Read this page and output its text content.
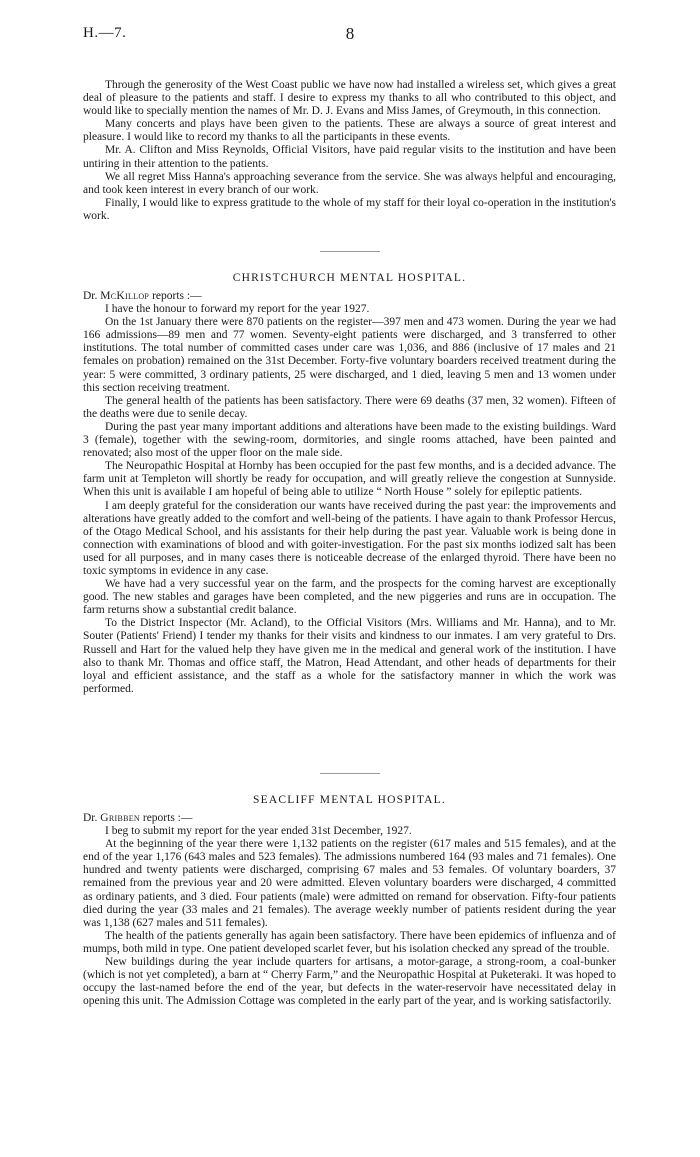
H.—7.	8

Through the generosity of the West Coast public we have now had installed a wireless set, which gives a great deal of pleasure to the patients and staff. I desire to express my thanks to all who contributed to this object, and would like to specially mention the names of Mr. D. J. Evans and Miss James, of Greymouth, in this connection.

Many concerts and plays have been given to the patients. These are always a source of great interest and pleasure. I would like to record my thanks to all the participants in these events.

Mr. A. Clifton and Miss Reynolds, Official Visitors, have paid regular visits to the institution and have been untiring in their attention to the patients.

We all regret Miss Hanna's approaching severance from the service. She was always helpful and encouraging, and took keen interest in every branch of our work.

Finally, I would like to express gratitude to the whole of my staff for their loyal co-operation in the institution's work.

CHRISTCHURCH MENTAL HOSPITAL.

Dr. McKillop reports :—

I have the honour to forward my report for the year 1927.

On the 1st January there were 870 patients on the register—397 men and 473 women. During the year we had 166 admissions—89 men and 77 women. Seventy-eight patients were discharged, and 3 transferred to other institutions. The total number of committed cases under care was 1,036, and 886 (inclusive of 17 males and 21 females on probation) remained on the 31st December. Forty-five voluntary boarders received treatment during the year: 5 were committed, 3 ordinary patients, 25 were discharged, and 1 died, leaving 5 men and 13 women under this section receiving treatment.

The general health of the patients has been satisfactory. There were 69 deaths (37 men, 32 women). Fifteen of the deaths were due to senile decay.

During the past year many important additions and alterations have been made to the existing buildings. Ward 3 (female), together with the sewing-room, dormitories, and single rooms attached, have been painted and renovated; also most of the upper floor on the male side.

The Neuropathic Hospital at Hornby has been occupied for the past few months, and is a decided advance. The farm unit at Templeton will shortly be ready for occupation, and will greatly relieve the congestion at Sunnyside. When this unit is available I am hopeful of being able to utilize “ North House ” solely for epileptic patients.

I am deeply grateful for the consideration our wants have received during the past year: the improvements and alterations have greatly added to the comfort and well-being of the patients. I have again to thank Professor Hercus, of the Otago Medical School, and his assistants for their help during the past year. Valuable work is being done in connection with examinations of blood and with goiter-investigation. For the past six months iodized salt has been used for all purposes, and in many cases there is noticeable decrease of the enlarged thyroid. There have been no toxic symptoms in evidence in any case.

We have had a very successful year on the farm, and the prospects for the coming harvest are exceptionally good. The new stables and garages have been completed, and the new piggeries and runs are in occupation. The farm returns show a substantial credit balance.

To the District Inspector (Mr. Acland), to the Official Visitors (Mrs. Williams and Mr. Hanna), and to Mr. Souter (Patients' Friend) I tender my thanks for their visits and kindness to our inmates. I am very grateful to Drs. Russell and Hart for the valued help they have given me in the medical and general work of the institution. I have also to thank Mr. Thomas and office staff, the Matron, Head Attendant, and other heads of departments for their loyal and efficient assistance, and the staff as a whole for the satisfactory manner in which the work was performed.

SEACLIFF MENTAL HOSPITAL.

Dr. Gribben reports :—

I beg to submit my report for the year ended 31st December, 1927.

At the beginning of the year there were 1,132 patients on the register (617 males and 515 females), and at the end of the year 1,176 (643 males and 523 females). The admissions numbered 164 (93 males and 71 females). One hundred and twenty patients were discharged, comprising 67 males and 53 females. Of voluntary boarders, 37 remained from the previous year and 20 were admitted. Eleven voluntary boarders were discharged, 4 committed as ordinary patients, and 3 died. Four patients (male) were admitted on remand for observation. Fifty-four patients died during the year (33 males and 21 females). The average weekly number of patients resident during the year was 1,138 (627 males and 511 females).

The health of the patients generally has again been satisfactory. There have been epidemics of influenza and of mumps, both mild in type. One patient developed scarlet fever, but his isolation checked any spread of the trouble.

New buildings during the year include quarters for artisans, a motor-garage, a strong-room, a coal-bunker (which is not yet completed), a barn at “ Cherry Farm,” and the Neuropathic Hospital at Puketeraki. It was hoped to occupy the last-named before the end of the year, but defects in the water-reservoir have necessitated delay in opening this unit. The Admission Cottage was completed in the early part of the year, and is working satisfactorily.
